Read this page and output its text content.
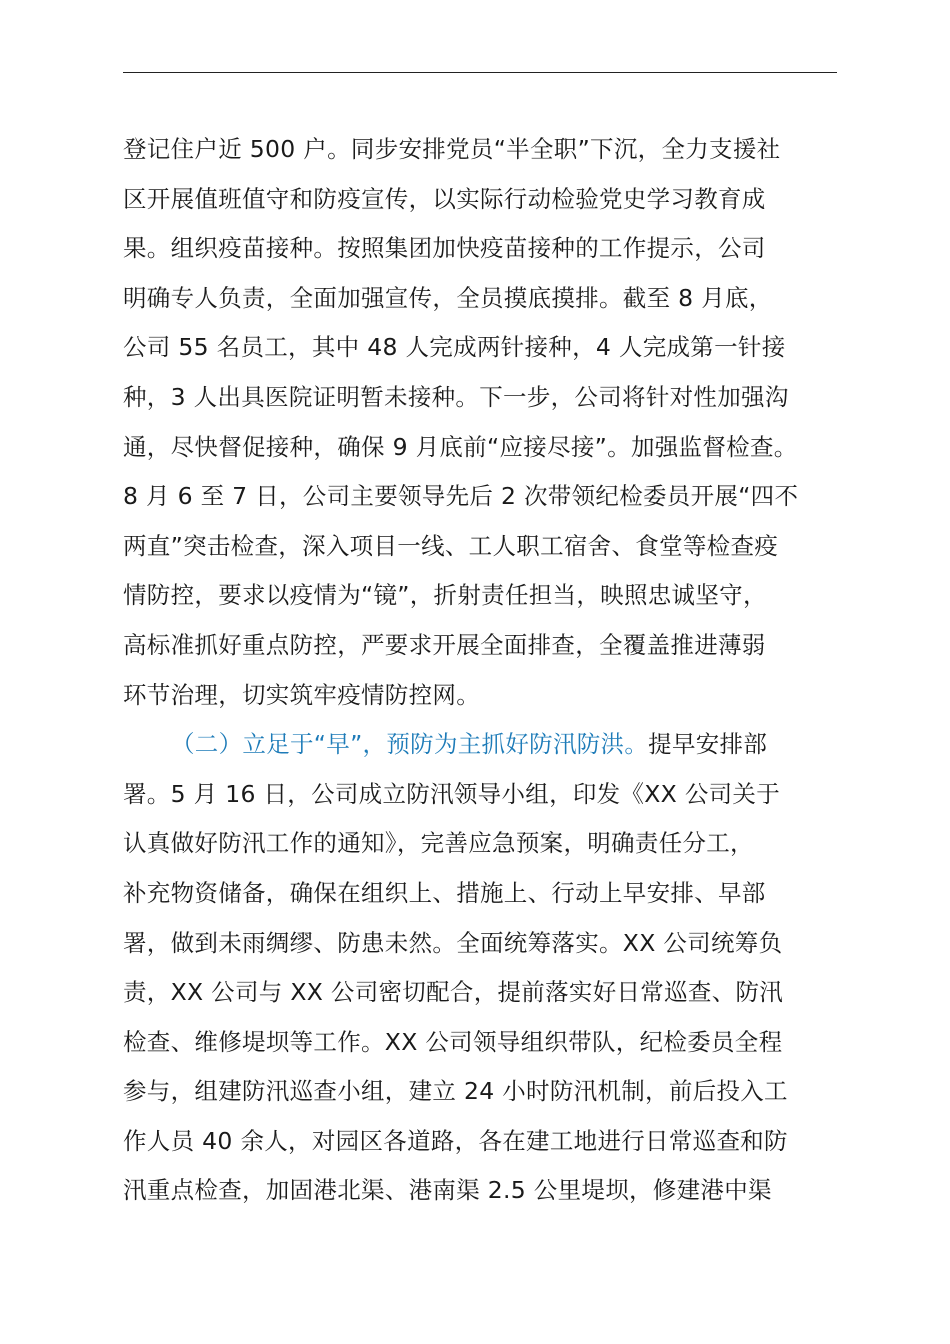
登记住户近 500 户。同步安排党员“半全职”下沉，全力支援社
区开展值班值守和防疫宣传，以实际行动检验党史学习教育成
果。组织疫苗接种。按照集团加快疫苗接种的工作提示，公司
明确专人负责，全面加强宣传，全员摸底摸排。截至 8 月底，
公司 55 名员工，其中 48 人完成两针接种，4 人完成第一针接
种，3 人出具医院证明暂未接种。下一步，公司将针对性加强沟
通，尽快督促接种，确保 9 月底前“应接尽接”。加强监督检查。
8 月 6 至 7 日，公司主要领导先后 2 次带领纪检委员开展“四不
两直”突击检查，深入项目一线、工人职工宿舍、食堂等检查疫
情防控，要求以疫情为“镜”，折射责任担当，映照忠诚坚守，
高标准抓好重点防控，严要求开展全面排查，全覆盖推进薄弱
环节治理，切实筑牢疫情防控网。
（二）立足于“早”，预防为主抓好防汛防洪。提早安排部
署。5 月 16 日，公司成立防汛领导小组，印发《XX 公司关于
认真做好防汛工作的通知》，完善应急预案，明确责任分工，
补充物资储备，确保在组织上、措施上、行动上早安排、早部
署，做到未雨绸缪、防患未然。全面统筹落实。XX 公司统筹负
责，XX 公司与 XX 公司密切配合，提前落实好日常巡查、防汛
检查、维修堤坝等工作。XX 公司领导组织带队，纪检委员全程
参与，组建防汛巡查小组，建立 24 小时防汛机制，前后投入工
作人员 40 余人，对园区各道路，各在建工地进行日常巡查和防
汛重点检查，加固港北渠、港南渠 2.5 公里堤坝，修建港中渠
